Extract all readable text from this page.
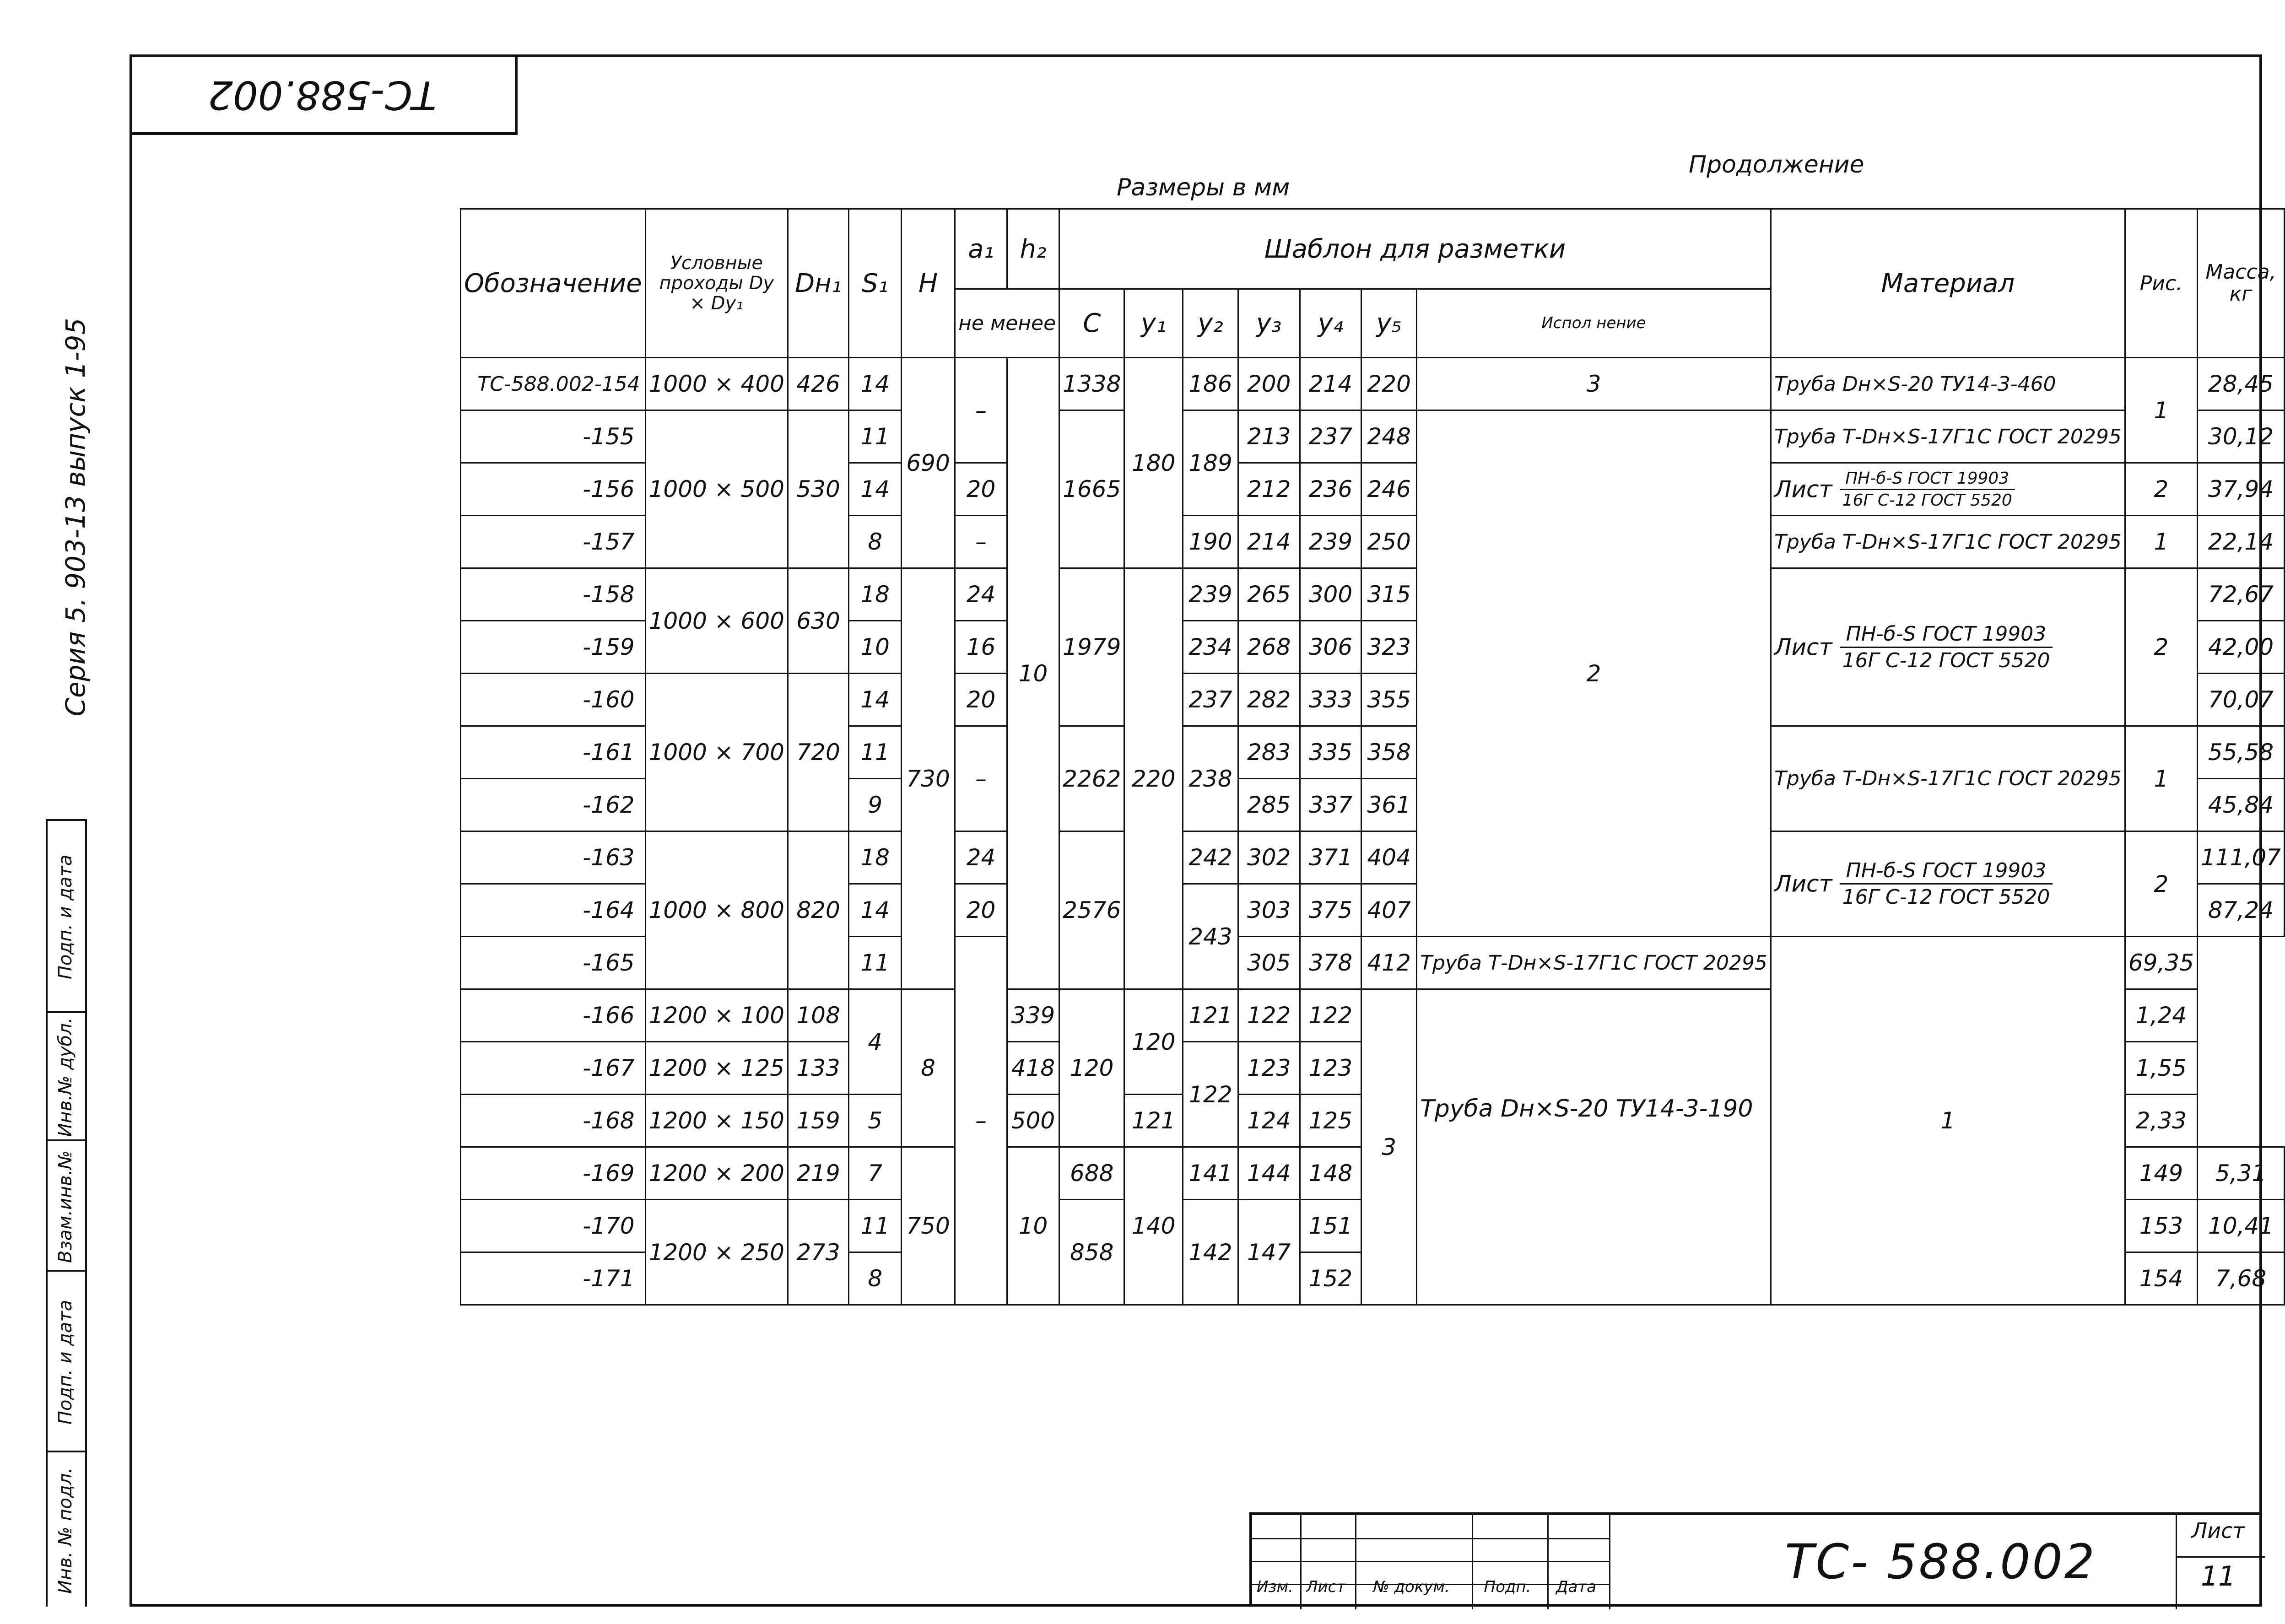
ТС-588.002
Серия 5. 903-13 выпуск 1-95
Инв. № подл.
Подп. и дата
Взам.инв.№
Инв.№ дубл.
Подп. и дата
Размеры в мм
Продолжение
Обозначение	Условные проходы Dу × Dу₁	Dн₁	S₁	H	a₁	h₂	Шаблон для разметки							Материал	Рис.	Масса, кг
					не менее		C	y₁	y₂	y₃	y₄	y₅	Испол нение			
ТС-588.002-154	1000 × 400	426	14	690	–	10	1338	180	186	200	214	220	3	Труба Dн×S-20 ТУ14-3-460	1	28,45
-155	1000 × 500	530	11				1665		189	213	237	248	2	Труба Т-Dн×S-17Г1С ГОСТ 20295		30,12
-156			14		20					212	236	246		Лист $\frac{\text{ПН-б-S ГОСТ 19903}}{\text{16Г С-12 ГОСТ 5520}}$	2	37,94
-157			8		–				190	214	239	250		Труба Т-Dн×S-17Г1С ГОСТ 20295	1	22,14
-158	1000 × 600	630	18	730	24		1979	220	239	265	300	315		Лист $\frac{\text{ПН-б-S ГОСТ 19903}}{\text{16Г С-12 ГОСТ 5520}}$	2	72,67
-159			10		16				234	268	306	323				42,00
-160	1000 × 700	720	14		20				237	282	333	355				70,07
-161			11		–		2262		238	283	335	358		Труба Т-Dн×S-17Г1С ГОСТ 20295	1	55,58
-162			9							285	337	361				45,84
-163	1000 × 800	820	18		24		2576		242	302	371	404		Лист $\frac{\text{ПН-б-S ГОСТ 19903}}{\text{16Г С-12 ГОСТ 5520}}$	2	111,07
-164			14		20				243	303	375	407				87,24
-165			11		–					305	378	412	Труба Т-Dн×S-17Г1С ГОСТ 20295	1	69,35	
-166	1200 × 100	108	4	8		339	120	120	121	122	122	3	Труба Dн×S-20 ТУ14-3-190		1,24	
-167	1200 × 125	133				418			122	123	123				1,55	
-168	1200 × 150	159	5			500		121		124	125				2,33	
-169	1200 × 200	219	7	750		10	688	140	141	144	148				149	5,31
-170	1200 × 250	273	11				858		142	147	151				153	10,41
-171			8								152				154	7,68
Изм. Лист	№ докум.	Подп.	Дата	ТС- 588.002
Лист
11
